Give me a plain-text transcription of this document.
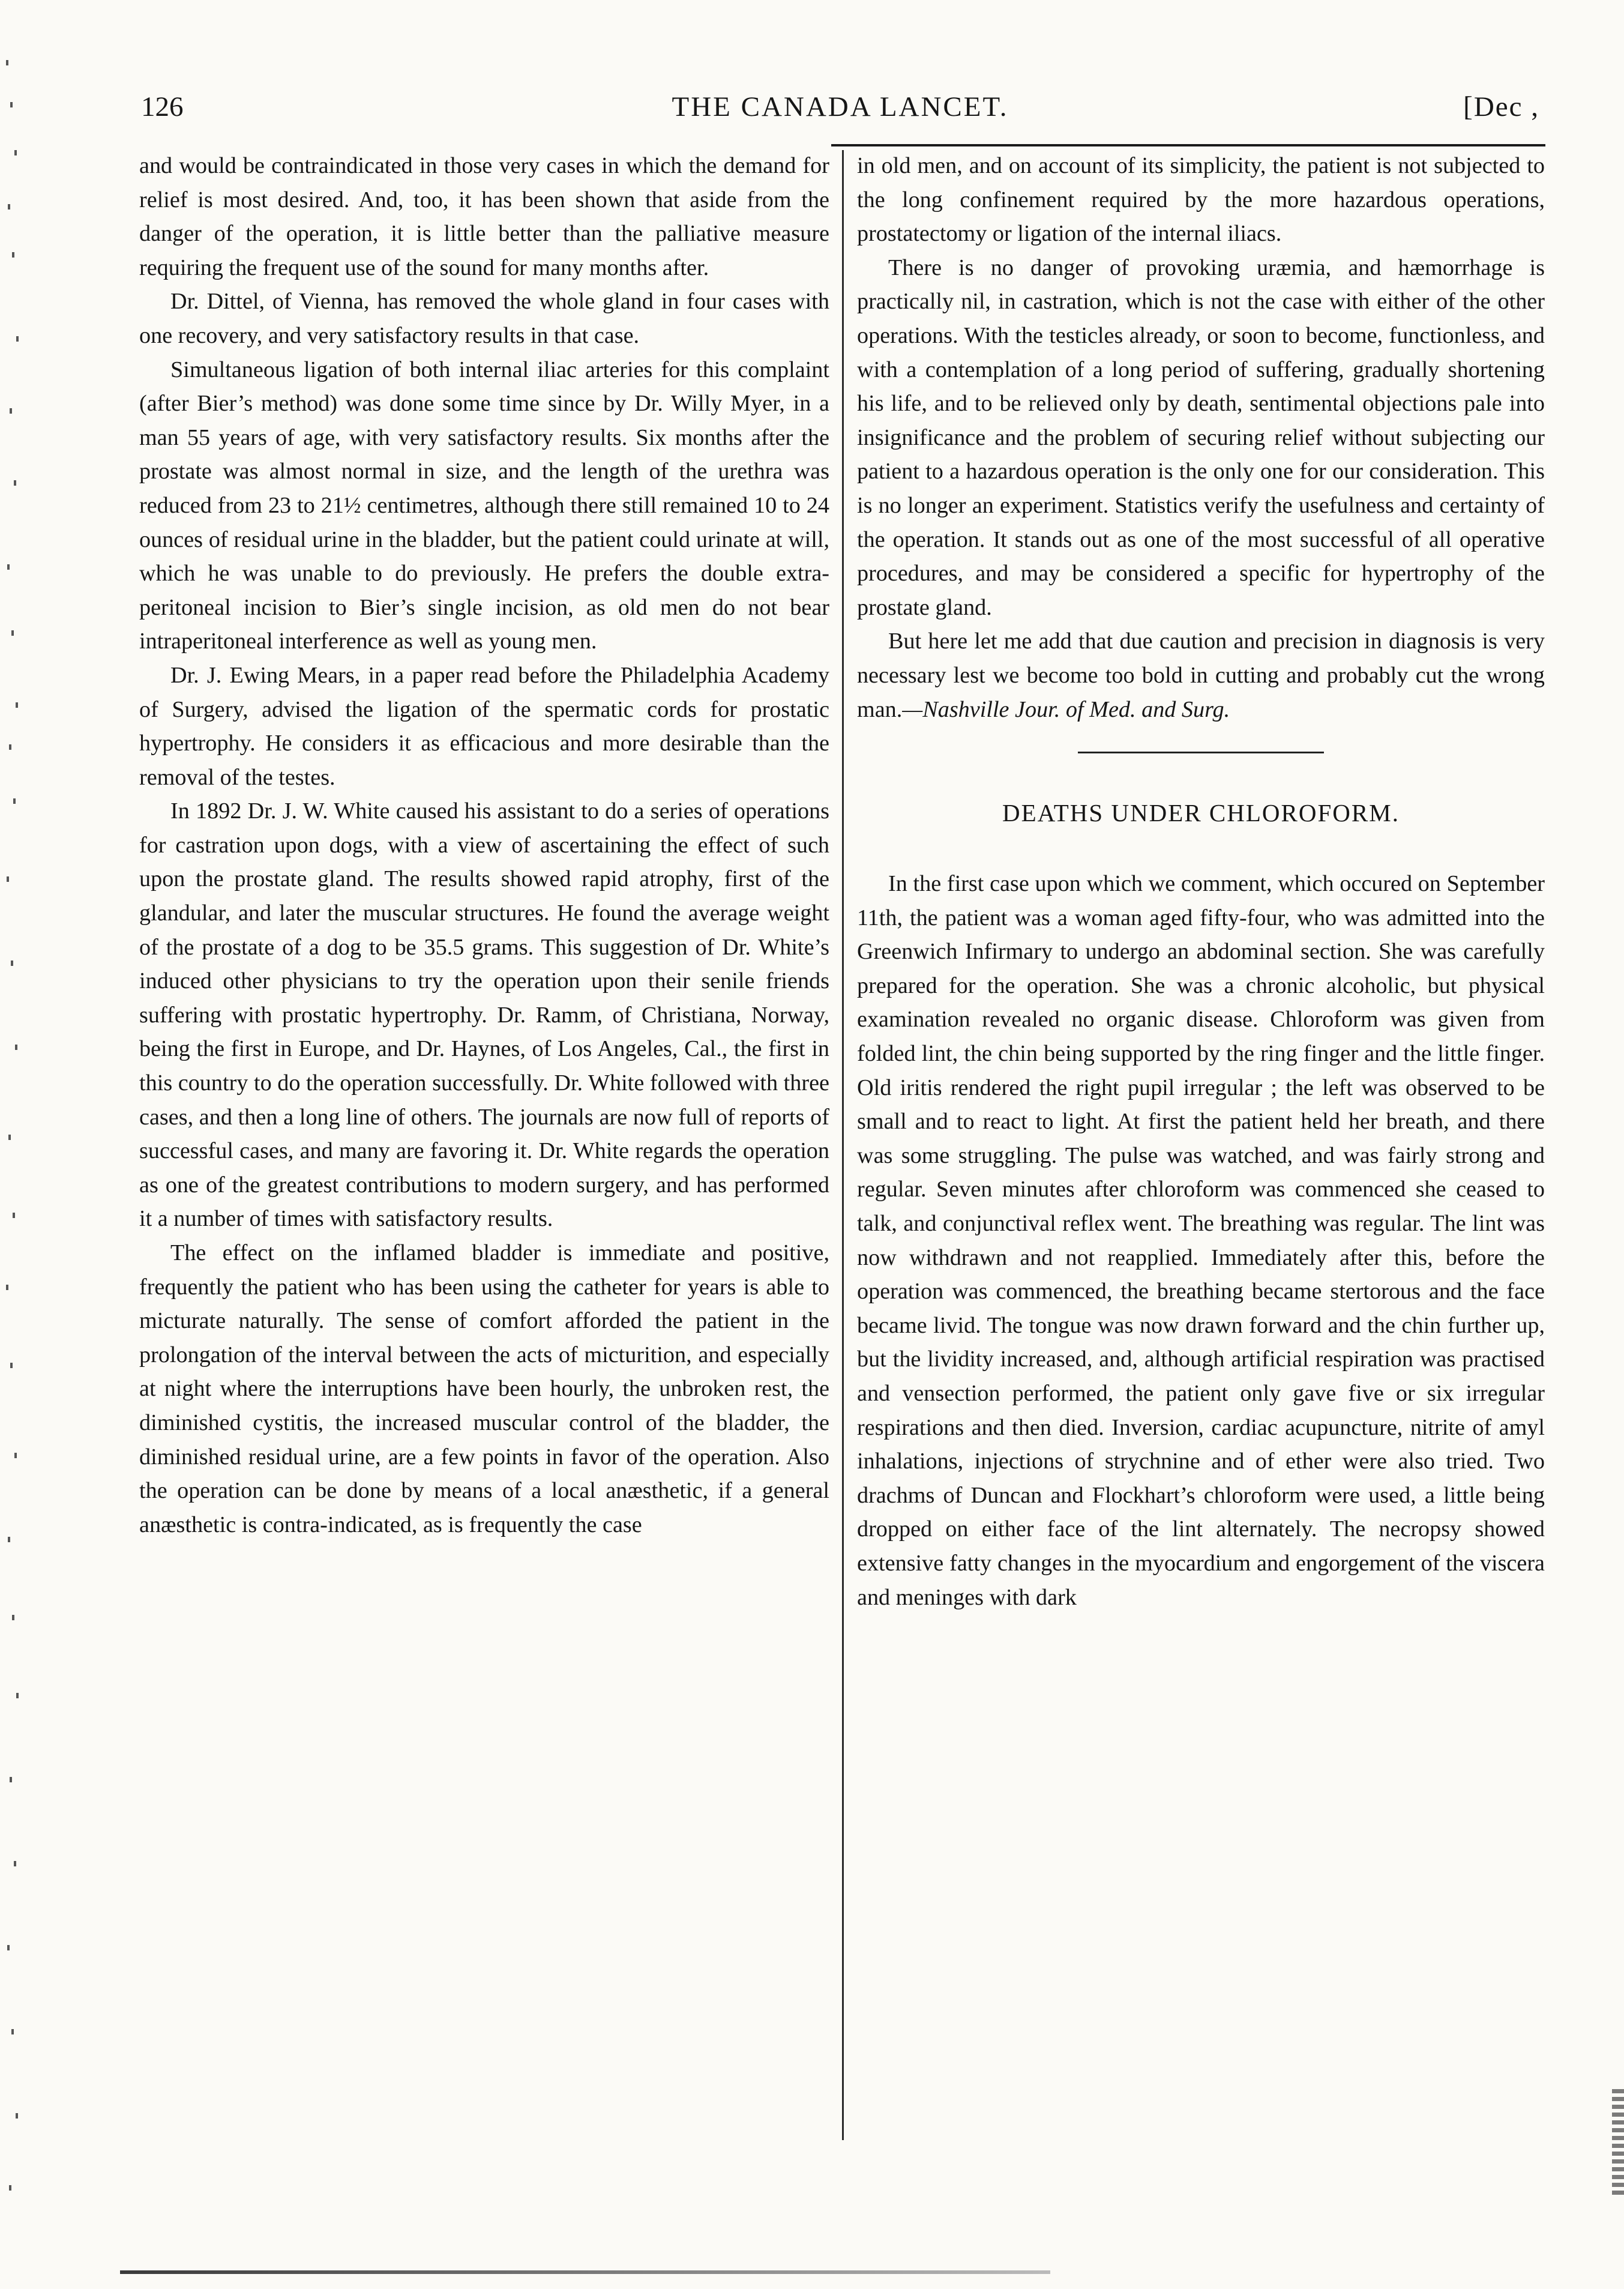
126	THE CANADA LANCET.	[Dec ,

and would be contraindicated in those very cases in which the demand for relief is most desired. And, too, it has been shown that aside from the danger of the operation, it is little better than the palliative measure requiring the frequent use of the sound for many months after.

Dr. Dittel, of Vienna, has removed the whole gland in four cases with one recovery, and very satisfactory results in that case.

Simultaneous ligation of both internal iliac arteries for this complaint (after Bier’s method) was done some time since by Dr. Willy Myer, in a man 55 years of age, with very satisfactory results. Six months after the prostate was almost normal in size, and the length of the urethra was reduced from 23 to 21½ centimetres, although there still remained 10 to 24 ounces of residual urine in the bladder, but the patient could urinate at will, which he was unable to do previously. He prefers the double extra-peritoneal incision to Bier’s single incision, as old men do not bear intraperitoneal interference as well as young men.

Dr. J. Ewing Mears, in a paper read before the Philadelphia Academy of Surgery, advised the ligation of the spermatic cords for prostatic hypertrophy. He considers it as efficacious and more desirable than the removal of the testes.

In 1892 Dr. J. W. White caused his assistant to do a series of operations for castration upon dogs, with a view of ascertaining the effect of such upon the prostate gland. The results showed rapid atrophy, first of the glandular, and later the muscular structures. He found the average weight of the prostate of a dog to be 35.5 grams. This suggestion of Dr. White’s induced other physicians to try the operation upon their senile friends suffering with prostatic hypertrophy. Dr. Ramm, of Christiana, Norway, being the first in Europe, and Dr. Haynes, of Los Angeles, Cal., the first in this country to do the operation successfully. Dr. White followed with three cases, and then a long line of others. The journals are now full of reports of successful cases, and many are favoring it. Dr. White regards the operation as one of the greatest contributions to modern surgery, and has performed it a number of times with satisfactory results.

The effect on the inflamed bladder is immediate and positive, frequently the patient who has been using the catheter for years is able to micturate naturally. The sense of comfort afforded the patient in the prolongation of the interval between the acts of micturition, and especially at night where the interruptions have been hourly, the unbroken rest, the diminished cystitis, the increased muscular control of the bladder, the diminished residual urine, are a few points in favor of the operation. Also the operation can be done by means of a local anæsthetic, if a general anæsthetic is contra-indicated, as is frequently the case

in old men, and on account of its simplicity, the patient is not subjected to the long confinement required by the more hazardous operations, prostatectomy or ligation of the internal iliacs.

There is no danger of provoking uræmia, and hæmorrhage is practically nil, in castration, which is not the case with either of the other operations. With the testicles already, or soon to become, functionless, and with a contemplation of a long period of suffering, gradually shortening his life, and to be relieved only by death, sentimental objections pale into insignificance and the problem of securing relief without subjecting our patient to a hazardous operation is the only one for our consideration. This is no longer an experiment. Statistics verify the usefulness and certainty of the operation. It stands out as one of the most successful of all operative procedures, and may be considered a specific for hypertrophy of the prostate gland.

But here let me add that due caution and precision in diagnosis is very necessary lest we become too bold in cutting and probably cut the wrong man.—Nashville Jour. of Med. and Surg.

DEATHS UNDER CHLOROFORM.

In the first case upon which we comment, which occured on September 11th, the patient was a woman aged fifty-four, who was admitted into the Greenwich Infirmary to undergo an abdominal section. She was carefully prepared for the operation. She was a chronic alcoholic, but physical examination revealed no organic disease. Chloroform was given from folded lint, the chin being supported by the ring finger and the little finger. Old iritis rendered the right pupil irregular ; the left was observed to be small and to react to light. At first the patient held her breath, and there was some struggling. The pulse was watched, and was fairly strong and regular. Seven minutes after chloroform was commenced she ceased to talk, and conjunctival reflex went. The breathing was regular. The lint was now withdrawn and not reapplied. Immediately after this, before the operation was commenced, the breathing became stertorous and the face became livid. The tongue was now drawn forward and the chin further up, but the lividity increased, and, although artificial respiration was practised and vensection performed, the patient only gave five or six irregular respirations and then died. Inversion, cardiac acupuncture, nitrite of amyl inhalations, injections of strychnine and of ether were also tried. Two drachms of Duncan and Flockhart’s chloroform were used, a little being dropped on either face of the lint alternately. The necropsy showed extensive fatty changes in the myocardium and engorgement of the viscera and meninges with dark
